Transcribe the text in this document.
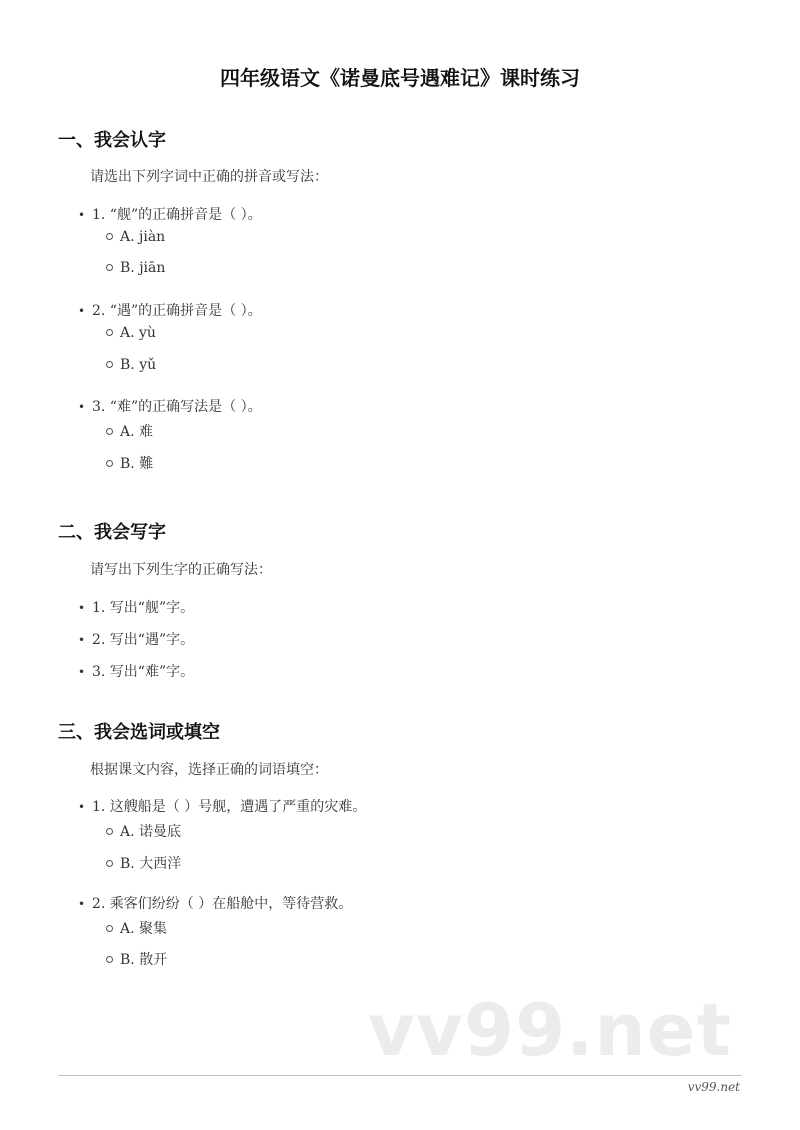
四年级语文《诺曼底号遇难记》课时练习
一、我会认字
请选出下列字词中正确的拼音或写法：
• 1. “舰”的正确拼音是（ ）。
A. jiàn
B. jiān
• 2. “遇”的正确拼音是（ ）。
A. yù
B. yǔ
• 3. “难”的正确写法是（ ）。
A. 难
B. 難
二、我会写字
请写出下列生字的正确写法：
• 1. 写出“舰”字。
• 2. 写出“遇”字。
• 3. 写出“难”字。
三、我会选词或填空
根据课文内容，选择正确的词语填空：
• 1. 这艘船是（ ）号舰，遭遇了严重的灾难。
A. 诺曼底
B. 大西洋
• 2. 乘客们纷纷（ ）在船舱中，等待营救。
A. 聚集
B. 散开
vv99.net
vv99.net
